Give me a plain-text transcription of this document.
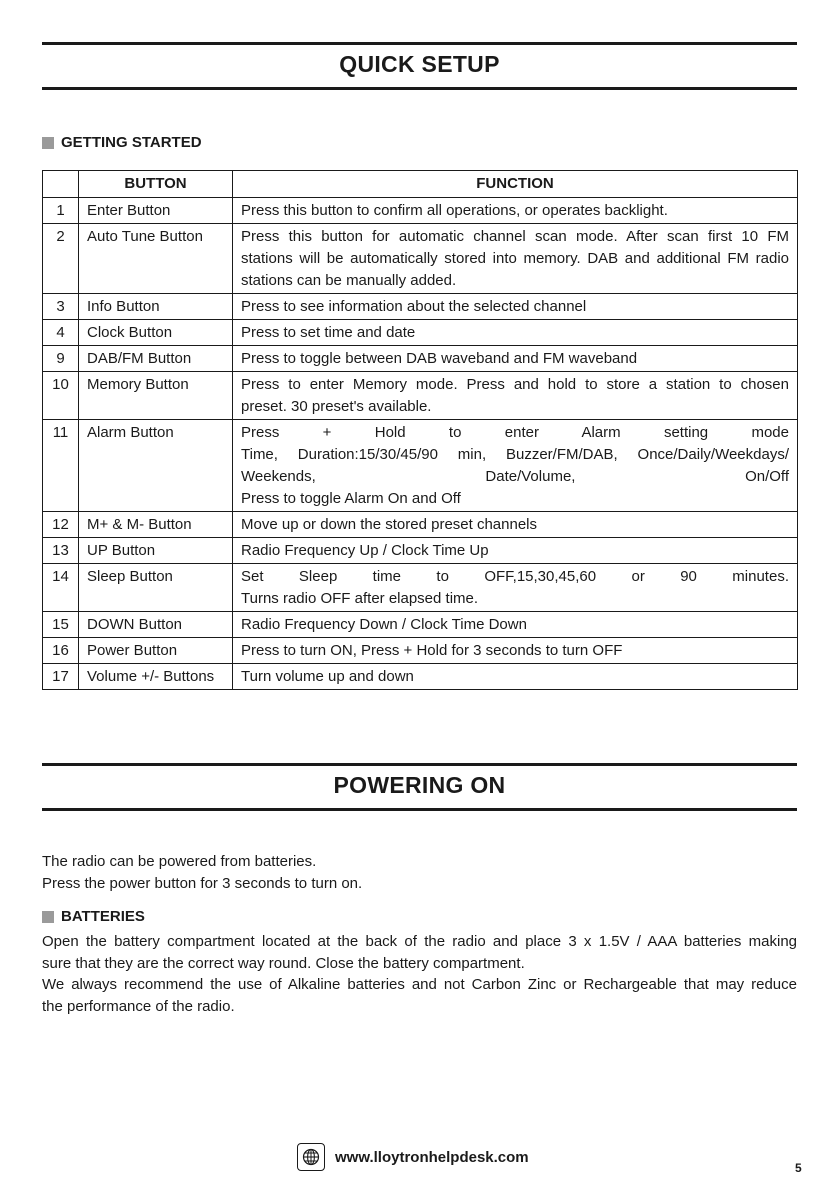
QUICK SETUP
GETTING STARTED
	BUTTON	FUNCTION
1	Enter Button	Press this button to confirm all operations, or operates backlight.

2	Auto Tune Button	Press this button for automatic channel scan mode. After scan first 10 FM
stations will be automatically stored into memory. DAB and additional FM radio
stations can be manually added.

3	Info Button	Press to see information about the selected channel

4	Clock Button	Press to set time and date

9	DAB/FM Button	Press to toggle between DAB waveband and FM waveband

10	Memory Button	Press to enter Memory mode. Press and hold to store a station to chosen
preset. 30 preset's available.

11	Alarm Button	Press + Hold to enter Alarm setting mode
Time, Duration:15/30/45/90 min, Buzzer/FM/DAB, Once/Daily/Weekdays/
Weekends, Date/Volume, On/Off
Press to toggle Alarm On and Off

12	M+ & M- Button	Move up or down the stored preset channels

13	UP Button	Radio Frequency Up / Clock Time Up

14	Sleep Button	Set Sleep time to OFF,15,30,45,60 or 90 minutes.
Turns radio OFF after elapsed time.

15	DOWN Button	Radio Frequency Down / Clock Time Down

16	Power Button	Press to turn ON, Press + Hold for 3 seconds to turn OFF

17	Volume +/- Buttons	Turn volume up and down
POWERING ON
The radio can be powered from batteries.
Press the power button for 3 seconds to turn on.
BATTERIES
Open the battery compartment located at the back of the radio and place 3 x 1.5V / AAA batteries making
sure that they are the correct way round. Close the battery compartment.
We always recommend the use of Alkaline batteries and not Carbon Zinc or Rechargeable that may reduce
the performance of the radio.
www.lloytronhelpdesk.com
5
